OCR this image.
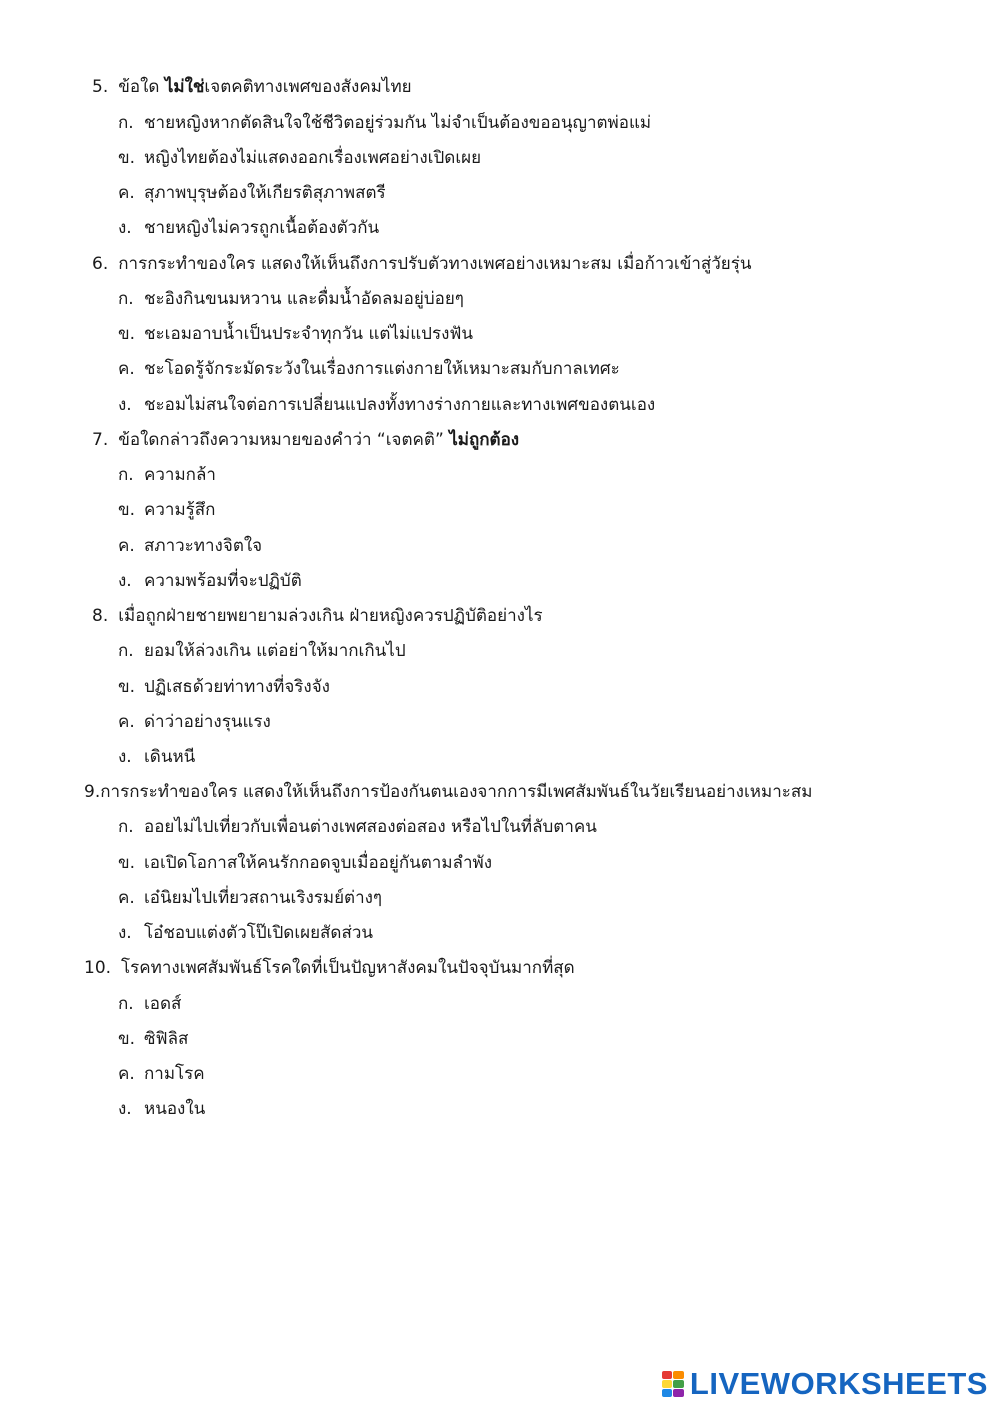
5. ข้อใด ไม่ใช่เจตคติทางเพศของสังคมไทย
ก. ชายหญิงหากตัดสินใจใช้ชีวิตอยู่ร่วมกัน ไม่จำเป็นต้องขออนุญาตพ่อแม่
ข. หญิงไทยต้องไม่แสดงออกเรื่องเพศอย่างเปิดเผย
ค. สุภาพบุรุษต้องให้เกียรติสุภาพสตรี
ง. ชายหญิงไม่ควรถูกเนื้อต้องตัวกัน
6. การกระทำของใคร แสดงให้เห็นถึงการปรับตัวทางเพศอย่างเหมาะสม เมื่อก้าวเข้าสู่วัยรุ่น
ก. ชะอิงกินขนมหวาน และดื่มน้ำอัดลมอยู่บ่อยๆ
ข. ชะเอมอาบน้ำเป็นประจำทุกวัน แต่ไม่แปรงฟัน
ค. ชะโอดรู้จักระมัดระวังในเรื่องการแต่งกายให้เหมาะสมกับกาลเทศะ
ง. ชะอมไม่สนใจต่อการเปลี่ยนแปลงทั้งทางร่างกายและทางเพศของตนเอง
7. ข้อใดกล่าวถึงความหมายของคำว่า “เจตคติ” ไม่ถูกต้อง
ก. ความกล้า
ข. ความรู้สึก
ค. สภาวะทางจิตใจ
ง. ความพร้อมที่จะปฏิบัติ
8. เมื่อถูกฝ่ายชายพยายามล่วงเกิน ฝ่ายหญิงควรปฏิบัติอย่างไร
ก. ยอมให้ล่วงเกิน แต่อย่าให้มากเกินไป
ข. ปฏิเสธด้วยท่าทางที่จริงจัง
ค. ด่าว่าอย่างรุนแรง
ง. เดินหนี
9.การกระทำของใคร แสดงให้เห็นถึงการป้องกันตนเองจากการมีเพศสัมพันธ์ในวัยเรียนอย่างเหมาะสม
ก. ออยไม่ไปเที่ยวกับเพื่อนต่างเพศสองต่อสอง หรือไปในที่ลับตาคน
ข. เอเปิดโอกาสให้คนรักกอดจูบเมื่ออยู่กันตามลำพัง
ค. เอ๋นิยมไปเที่ยวสถานเริงรมย์ต่างๆ
ง. โอ๋ชอบแต่งตัวโป๊เปิดเผยสัดส่วน
10. โรคทางเพศสัมพันธ์โรคใดที่เป็นปัญหาสังคมในปัจจุบันมากที่สุด
ก. เอดส์
ข. ซิฟิลิส
ค. กามโรค
ง. หนองใน
LIVEWORKSHEETS
